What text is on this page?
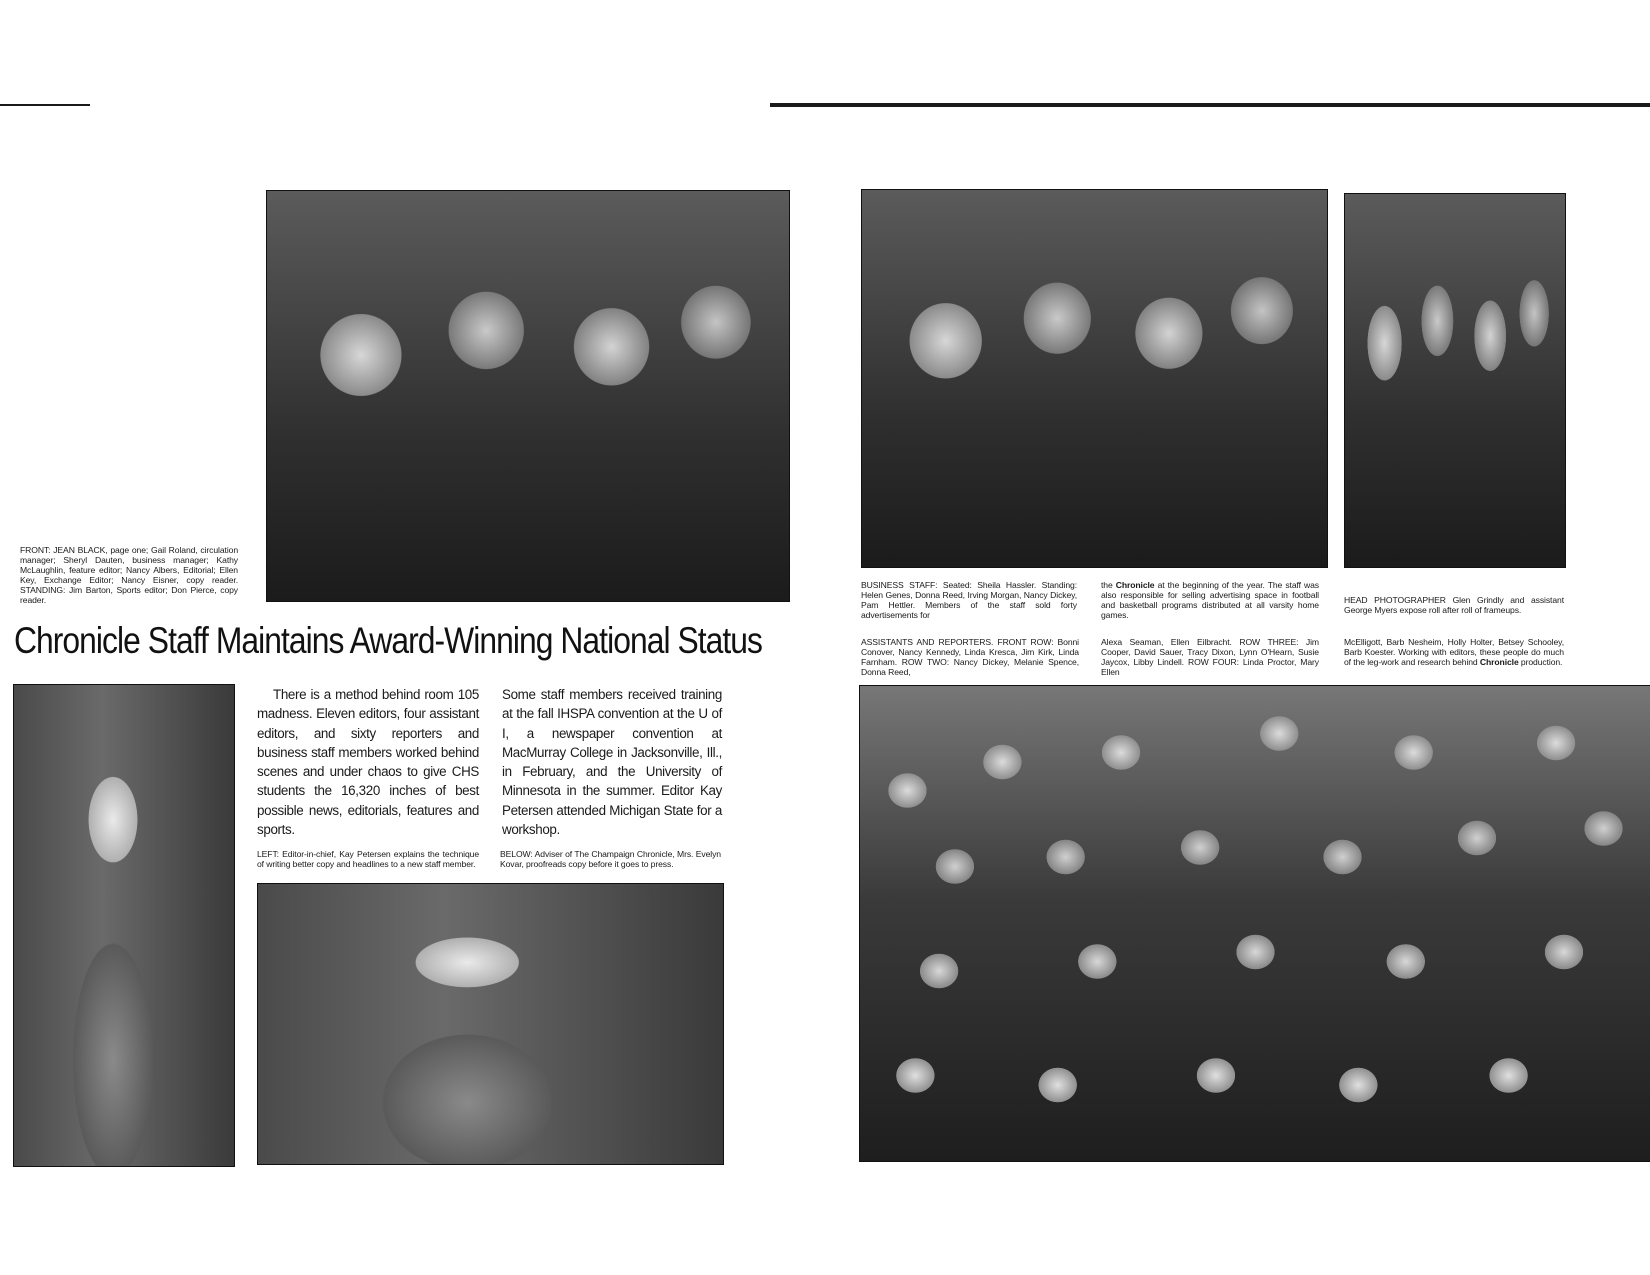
FRONT: JEAN BLACK, page one; Gail Roland, circulation manager; Sheryl Dauten, business manager; Kathy McLaughlin, feature editor; Nancy Albers, Editorial; Ellen Key, Exchange Editor; Nancy Eisner, copy reader. STANDING: Jim Barton, Sports editor; Don Pierce, copy reader.

Chronicle Staff Maintains Award-Winning National Status

There is a method behind room 105 madness. Eleven editors, four assistant editors, and sixty reporters and business staff members worked behind scenes and under chaos to give CHS students the 16,320 inches of best possible news, editorials, features and sports.

Some staff members received training at the fall IHSPA convention at the U of I, a newspaper convention at MacMurray College in Jacksonville, Ill., in February, and the University of Minnesota in the summer. Editor Kay Petersen attended Michigan State for a workshop.

LEFT: Editor-in-chief, Kay Petersen explains the technique of writing better copy and headlines to a new staff member.

BELOW: Adviser of The Champaign Chronicle, Mrs. Evelyn Kovar, proofreads copy before it goes to press.

BUSINESS STAFF: Seated: Sheila Hassler. Standing: Helen Genes, Donna Reed, Irving Morgan, Nancy Dickey, Pam Hettler. Members of the staff sold forty advertisements for

the Chronicle at the beginning of the year. The staff was also responsible for selling advertising space in football and basketball programs distributed at all varsity home games.

HEAD PHOTOGRAPHER Glen Grindly and assistant George Myers expose roll after roll of frameups.

ASSISTANTS AND REPORTERS. FRONT ROW: Bonni Conover, Nancy Kennedy, Linda Kresca, Jim Kirk, Linda Farnham. ROW TWO: Nancy Dickey, Melanie Spence, Donna Reed,

Alexa Seaman, Ellen Eilbracht. ROW THREE: Jim Cooper, David Sauer, Tracy Dixon, Lynn O'Hearn, Susie Jaycox, Libby Lindell. ROW FOUR: Linda Proctor, Mary Ellen

McElligott, Barb Nesheim, Holly Holter, Betsey Schooley, Barb Koester. Working with editors, these people do much of the leg-work and research behind Chronicle production.
